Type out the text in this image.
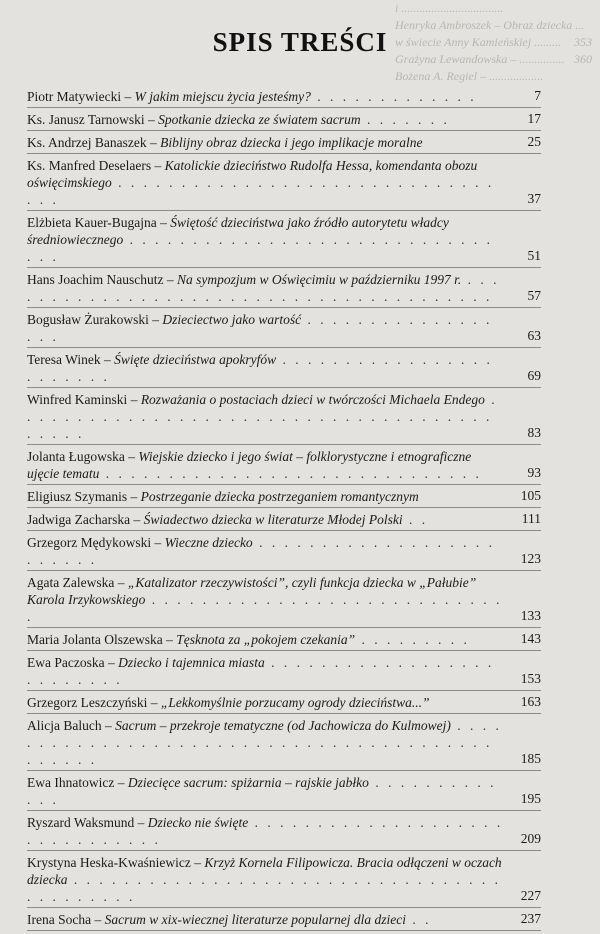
i ..................................
Henryka Ambroszek – Obraz dziecka ...
w świecie Anny Kamieńskiej ......... 353
Grażyna Lewandowska – ............... 360
Bożena A. Regiel – ..................
SPIS TREŚCI
Piotr Matywiecki – W jakim miejscu życia jesteśmy? . . . . . . . . . . . . .	7
Ks. Janusz Tarnowski – Spotkanie dziecka ze światem sacrum . . . . . . .	17
Ks. Andrzej Banaszek – Biblijny obraz dziecka i jego implikacje moralne	25
Ks. Manfred Deselaers – Katolickie dzieciństwo Rudolfa Hessa, komendanta obozu oświęcimskiego . . . . . . . . . . . . . . . . . . . . . . . . . . . . . . . . .	37
Elżbieta Kauer-Bugajna – Świętość dzieciństwa jako źródło autorytetu władcy średniowiecznego . . . . . . . . . . . . . . . . . . . . . . . . . . . . . . . .	51
Hans Joachim Nauschutz – Na sympozjum w Oświęcimiu w październiku 1997 r. . . . . . . . . . . . . . . . . . . . . . . . . . . . . . . . . . . . . . . . .	57
Bogusław Żurakowski – Dzieciectwo jako wartość . . . . . . . . . . . . . . . . . .	63
Teresa Winek – Święte dzieciństwa apokryfów . . . . . . . . . . . . . . . . . . . . . . . .	69
Winfred Kaminski – Rozważania o postaciach dzieci w twórczości Michaela Endego . . . . . . . . . . . . . . . . . . . . . . . . . . . . . . . . . . . . . . . . . . .	83
Jolanta Ługowska – Wiejskie dziecko i jego świat – folklorystyczne i etnograficzne ujęcie tematu . . . . . . . . . . . . . . . . . . . . . . . . . . . . . .	93
Eligiusz Szymanis – Postrzeganie dziecka postrzeganiem romantycznym	105
Jadwiga Zacharska – Świadectwo dziecka w literaturze Młodej Polski . .	111
Grzegorz Mędykowski – Wieczne dziecko . . . . . . . . . . . . . . . . . . . . . . . . .	123
Agata Zalewska – „Katalizator rzeczywistości”, czyli funkcja dziecka w „Pałubie” Karola Irzykowskiego . . . . . . . . . . . . . . . . . . . . . . . . . . . . .	133
Maria Jolanta Olszewska – Tęsknota za „pokojem czekania” . . . . . . . . .	143
Ewa Paczoska – Dziecko i tajemnica miasta . . . . . . . . . . . . . . . . . . . . . . . . . .	153
Grzegorz Leszczyński – „Lekkomyślnie porzucamy ogrody dzieciństwa...”	163
Alicja Baluch – Sacrum – przekroje tematyczne (od Jachowicza do Kulmowej) . . . . . . . . . . . . . . . . . . . . . . . . . . . . . . . . . . . . . . . . . . . . . . .	185
Ewa Ihnatowicz – Dziecięce sacrum: spiżarnia – rajskie jabłko . . . . . . . . . . . . .	195
Ryszard Waksmund – Dziecko nie święte . . . . . . . . . . . . . . . . . . . . . . . . . . . . . . .	209
Krystyna Heska-Kwaśniewicz – Krzyż Kornela Filipowicza. Bracia odłączeni w oczach dziecka . . . . . . . . . . . . . . . . . . . . . . . . . . . . . . . . . . . . . . . . . . .	227
Irena Socha – Sacrum w xix-wiecznej literaturze popularnej dla dzieci . .	237
